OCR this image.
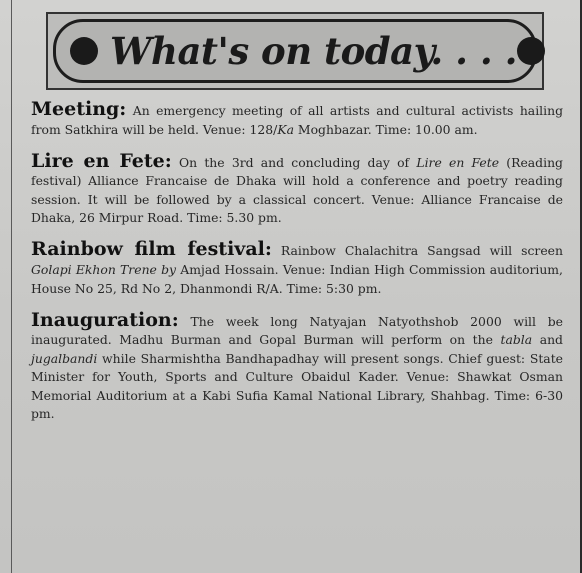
What's on today. . . .

Meeting: An emergency meeting of all artists and cultural activists hailing from Satkhira will be held. Venue: 128/Ka Moghbazar. Time: 10.00 am.

Lire en Fete: On the 3rd and concluding day of Lire en Fete (Reading festival) Alliance Francaise de Dhaka will hold a conference and poetry reading session. It will be followed by a classical concert. Venue: Alliance Francaise de Dhaka, 26 Mirpur Road. Time: 5.30 pm.

Rainbow film festival: Rainbow Chalachitra Sangsad will screen Golapi Ekhon Trene by Amjad Hossain. Venue: Indian High Commission auditorium, House No 25, Rd No 2, Dhanmondi R/A. Time: 5:30 pm.

Inauguration: The week long Natyajan Natyothshob 2000 will be inaugurated. Madhu Burman and Gopal Burman will perform on the tabla and jugalbandi while Sharmishtha Bandhapadhay will present songs. Chief guest: State Minister for Youth, Sports and Culture Obaidul Kader. Venue: Shawkat Osman Memorial Auditorium at a Kabi Sufia Kamal National Library, Shahbag. Time: 6-30 pm.
